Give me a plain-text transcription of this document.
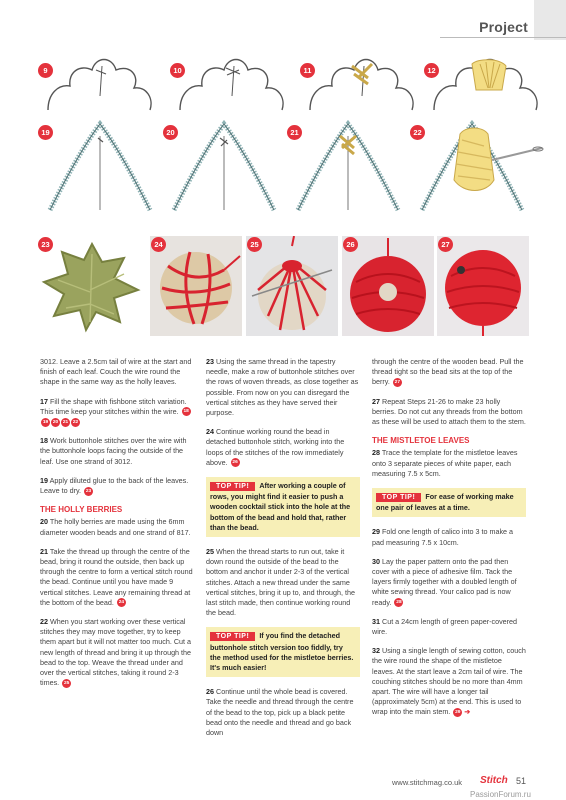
Project
9	10	11	12
19	20	21	22
23	24	25	26	27

3012. Leave a 2.5cm tail of wire at the start and finish of each leaf. Couch the wire round the shape in the same way as the holly leaves.

17 Fill the shape with fishbone stitch variation. This time keep your stitches within the wire. 1819 20 21 22

18 Work buttonhole stitches over the wire with the buttonhole loops facing the outside of the leaf. Use one strand of 3012.

19 Apply diluted glue to the back of the leaves. Leave to dry. 23

THE HOLLY BERRIES

20 The holly berries are made using the 6mm diameter wooden beads and one strand of 817.

21 Take the thread up through the centre of the bead, bring it round the outside, then back up through the centre to form a vertical stitch round the bead. Continue until you have made 9 vertical stitches. Leave any remaining thread at the bottom of the bead. 24

22 When you start working over these vertical stitches they may move together, try to keep them apart but it will not matter too much. Cut a new length of thread and bring it up through the bead to the top. Weave the thread under and over the vertical stitches, taking it round 2-3 times. 25

23 Using the same thread in the tapestry needle, make a row of buttonhole stitches over the rows of woven threads, as close together as possible. From now on you can disregard the vertical stitches as they have served their purpose.

24 Continue working round the bead in detached buttonhole stitch, working into the loops of the stitches of the row immediately above. 26

TOP TIP! After working a couple of rows, you might find it easier to push a wooden cocktail stick into the hole at the bottom of the bead and hold that, rather than the bead.

25 When the thread starts to run out, take it down round the outside of the bead to the bottom and anchor it under 2-3 of the vertical stitches. Attach a new thread under the same vertical stitches, bring it up to, and through, the last stitch made, then continue working round the bead.

TOP TIP! If you find the detached buttonhole stitch version too fiddly, try the method used for the mistletoe berries. It's much easier!

26 Continue until the whole bead is covered. Take the needle and thread through the centre of the bead to the top, pick up a black petite bead onto the needle and thread and go back down

through the centre of the wooden bead. Pull the thread tight so the bead sits at the top of the berry. 27

27 Repeat Steps 21-26 to make 23 holly berries. Do not cut any threads from the bottom as these will be used to attach them to the stem.

THE MISTLETOE LEAVES

28 Trace the template for the mistletoe leaves onto 3 separate pieces of white paper, each measuring 7.5 x 5cm.

TOP TIP! For ease of working make one pair of leaves at a time.

29 Fold one length of calico into 3 to make a pad measuring 7.5 x 10cm.

30 Lay the paper pattern onto the pad then cover with a piece of adhesive film. Tack the layers firmly together with a doubled length of white sewing thread. Your calico pad is now ready. 28

31 Cut a 24cm length of green paper-covered wire.

32 Using a single length of sewing cotton, couch the wire round the shape of the mistletoe leaves. At the start leave a 2cm tail of wire. The couching stitches should be no more than 4mm apart. The wire will have a longer tail (approximately 5cm) at the end. This is used to wrap into the main stem. 29 ➔

www.stitchmag.co.uk Stitch 51
PassionForum.ru
